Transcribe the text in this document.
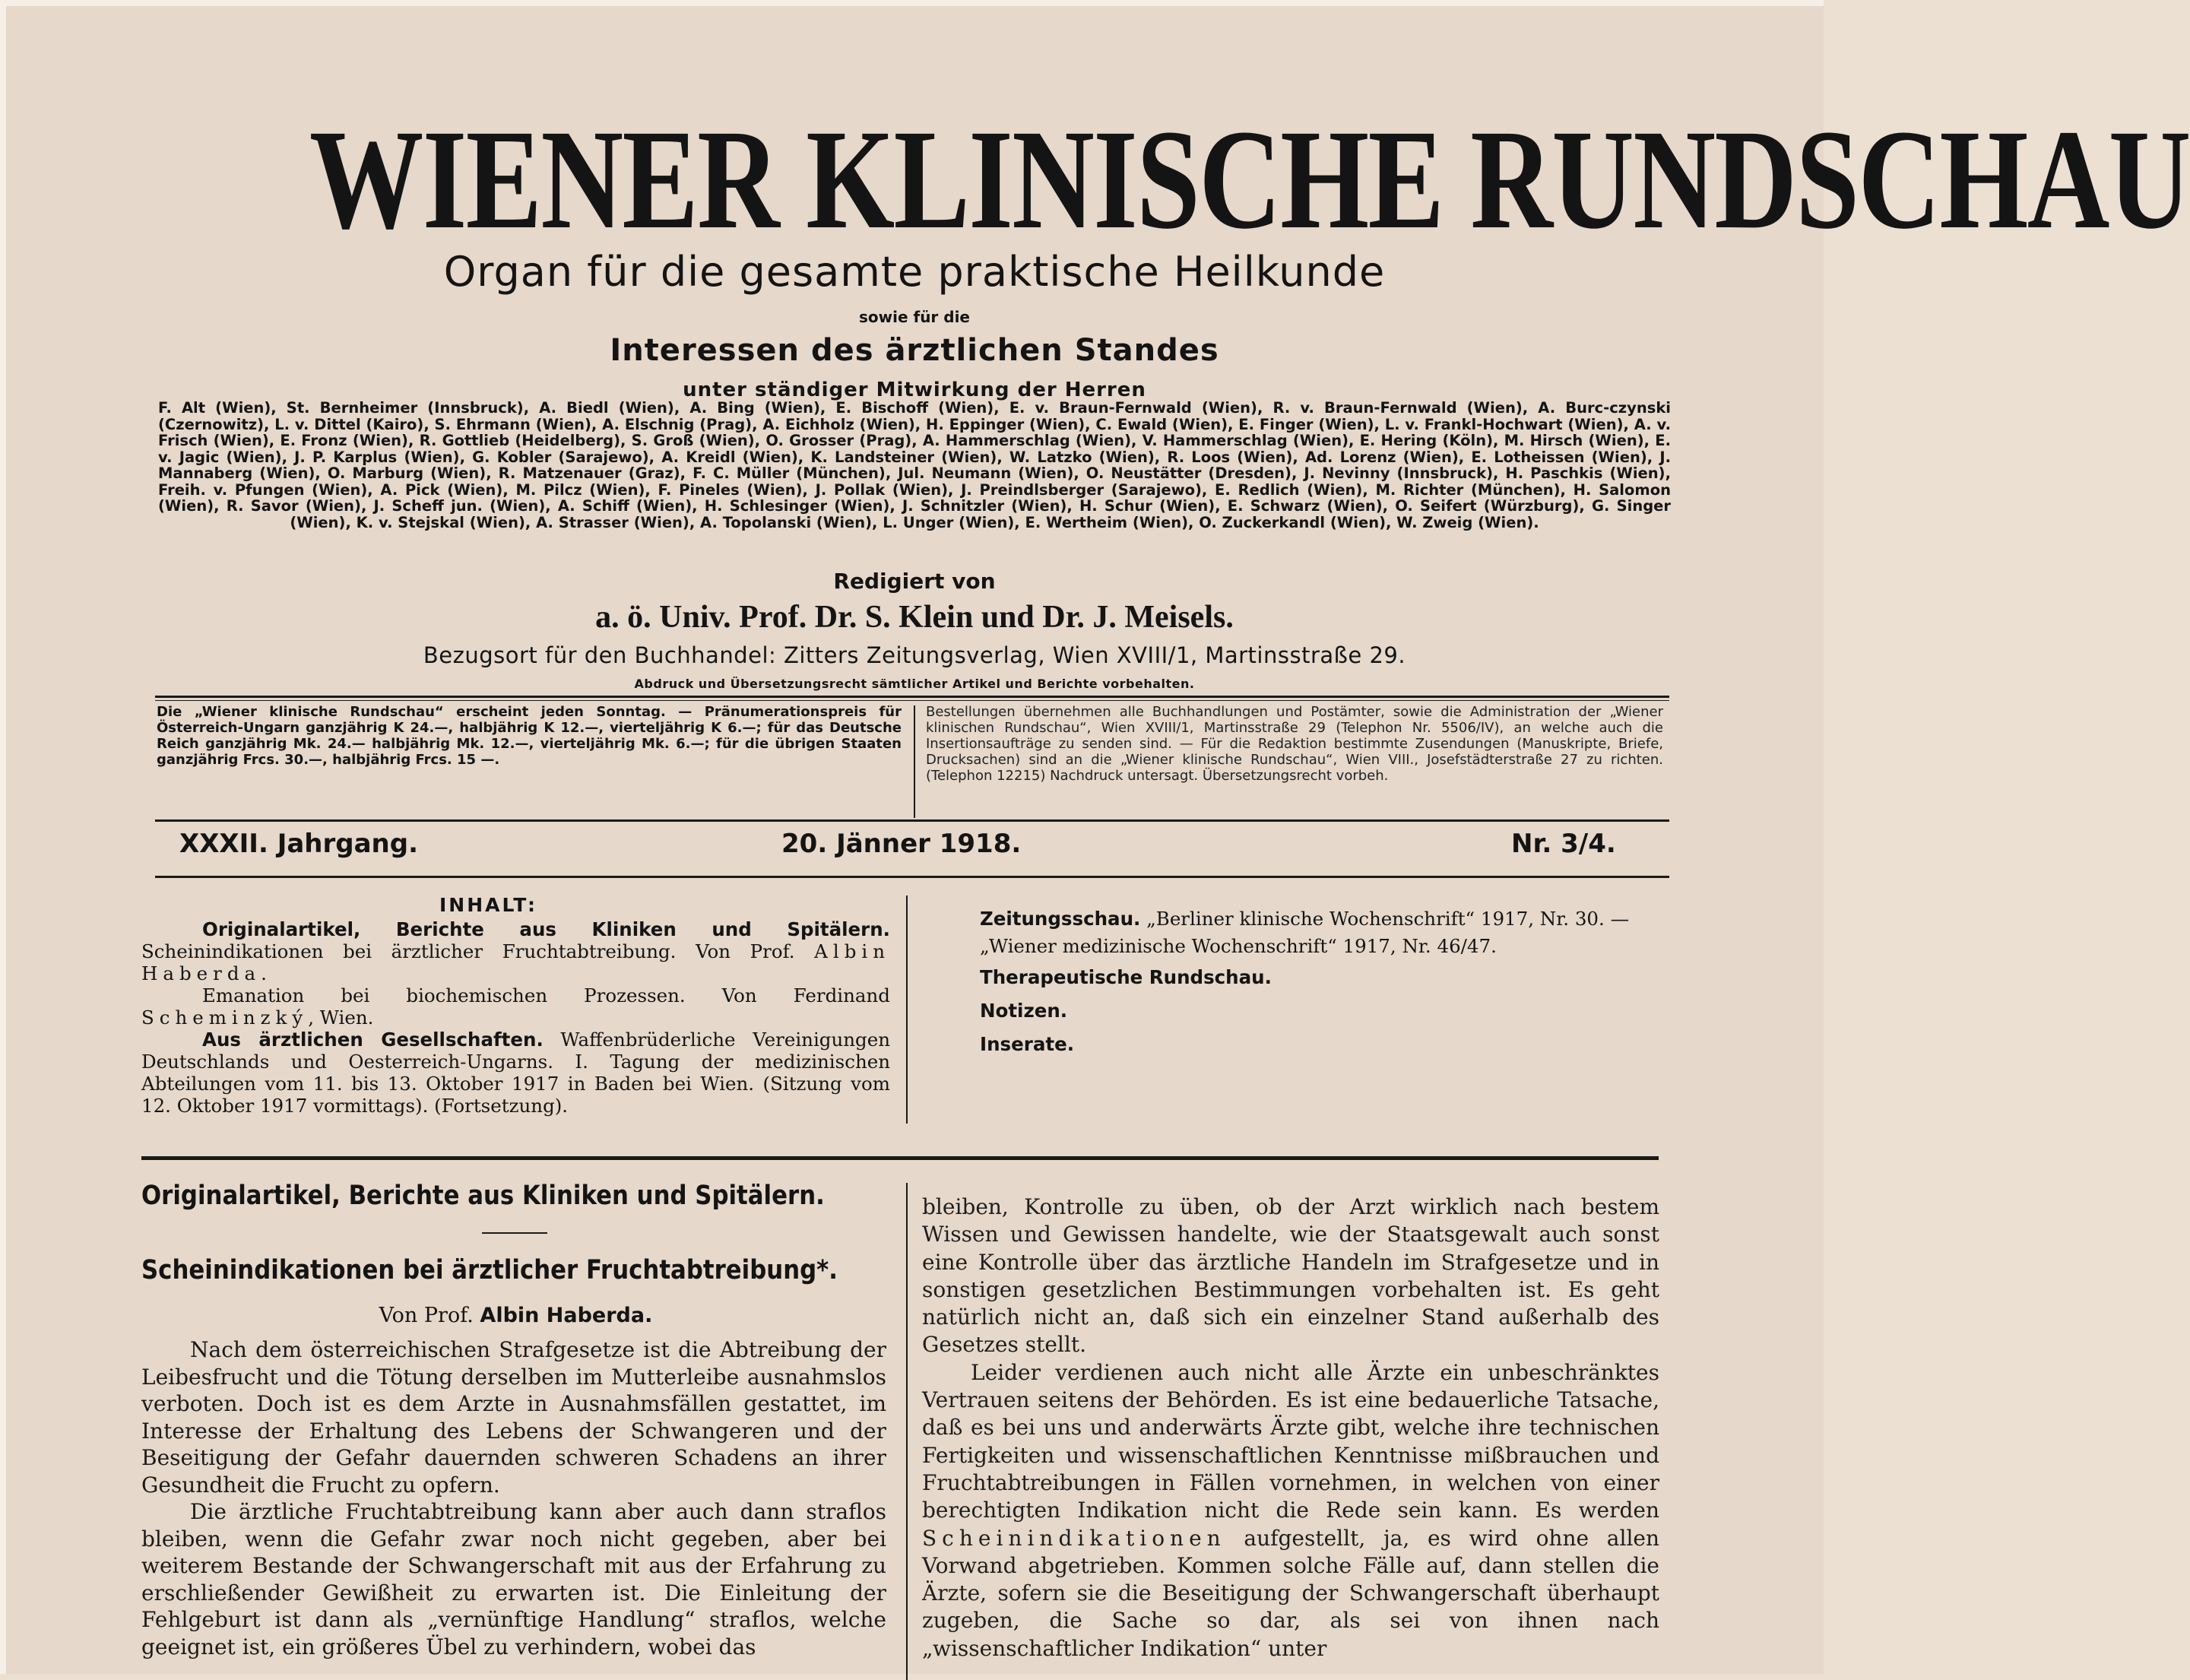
WIENER KLINISCHE RUNDSCHAU
Organ für die gesamte praktische Heilkunde
sowie für die
Interessen des ärztlichen Standes
unter ständiger Mitwirkung der Herren
F. Alt (Wien), St. Bernheimer (Innsbruck), A. Biedl (Wien), A. Bing (Wien), E. Bischoff (Wien), E. v. Braun-Fernwald (Wien), R. v. Braun-Fernwald (Wien), A. Burc-czynski (Czernowitz), L. v. Dittel (Kairo), S. Ehrmann (Wien), A. Elschnig (Prag), A. Eichholz (Wien), H. Eppinger (Wien), C. Ewald (Wien), E. Finger (Wien), L. v. Frankl-Hochwart (Wien), A. v. Frisch (Wien), E. Fronz (Wien), R. Gottlieb (Heidelberg), S. Groß (Wien), O. Grosser (Prag), A. Hammerschlag (Wien), V. Hammerschlag (Wien), E. Hering (Köln), M. Hirsch (Wien), E. v. Jagic (Wien), J. P. Karplus (Wien), G. Kobler (Sarajewo), A. Kreidl (Wien), K. Landsteiner (Wien), W. Latzko (Wien), R. Loos (Wien), Ad. Lorenz (Wien), E. Lotheissen (Wien), J. Mannaberg (Wien), O. Marburg (Wien), R. Matzenauer (Graz), F. C. Müller (München), Jul. Neumann (Wien), O. Neustätter (Dresden), J. Nevinny (Innsbruck), H. Paschkis (Wien), Freih. v. Pfungen (Wien), A. Pick (Wien), M. Pilcz (Wien), F. Pineles (Wien), J. Pollak (Wien), J. Preindlsberger (Sarajewo), E. Redlich (Wien), M. Richter (München), H. Salomon (Wien), R. Savor (Wien), J. Scheff jun. (Wien), A. Schiff (Wien), H. Schlesinger (Wien), J. Schnitzler (Wien), H. Schur (Wien), E. Schwarz (Wien), O. Seifert (Würzburg), G. Singer (Wien), K. v. Stejskal (Wien), A. Strasser (Wien), A. Topolanski (Wien), L. Unger (Wien), E. Wertheim (Wien), O. Zuckerkandl (Wien), W. Zweig (Wien).
Redigiert von
a. ö. Univ. Prof. Dr. S. Klein und Dr. J. Meisels.
Bezugsort für den Buchhandel: Zitters Zeitungsverlag, Wien XVIII/1, Martinsstraße 29.
Abdruck und Übersetzungsrecht sämtlicher Artikel und Berichte vorbehalten.
Die „Wiener klinische Rundschau“ erscheint jeden Sonntag. — Pränumerationspreis für Österreich-Ungarn ganzjährig K 24.—, halbjährig K 12.—, vierteljährig K 6.—; für das Deutsche Reich ganzjährig Mk. 24.— halbjährig Mk. 12.—, vierteljährig Mk. 6.—; für die übrigen Staaten ganzjährig Frcs. 30.—, halbjährig Frcs. 15 —.
Bestellungen übernehmen alle Buchhandlungen und Postämter, sowie die Administration der „Wiener klinischen Rundschau“, Wien XVIII/1, Martinsstraße 29 (Telephon Nr. 5506/IV), an welche auch die Insertionsaufträge zu senden sind. — Für die Redaktion bestimmte Zusendungen (Manuskripte, Briefe, Drucksachen) sind an die „Wiener klinische Rundschau“, Wien VIII., Josefstädterstraße 27 zu richten. (Telephon 12215) Nachdruck untersagt. Übersetzungsrecht vorbeh.
XXXII. Jahrgang.	20. Jänner 1918.	Nr. 3/4.
INHALT:

Originalartikel, Berichte aus Kliniken und Spitälern. Scheinindikationen bei ärztlicher Fruchtabtreibung. Von Prof. Albin Haberda.

Emanation bei biochemischen Prozessen. Von Ferdinand Scheminzký, Wien.

Aus ärztlichen Gesellschaften. Waffenbrüderliche Vereinigungen Deutschlands und Oesterreich-Ungarns. I. Tagung der medizinischen Abteilungen vom 11. bis 13. Oktober 1917 in Baden bei Wien. (Sitzung vom 12. Oktober 1917 vormittags). (Fortsetzung).

Zeitungsschau. „Berliner klinische Wochenschrift“ 1917, Nr. 30. — „Wiener medizinische Wochenschrift“ 1917, Nr. 46/47.

Therapeutische Rundschau.

Notizen.

Inserate.

Originalartikel, Berichte aus Kliniken und Spitälern.
Scheinindikationen bei ärztlicher Fruchtabtreibung*.
Von Prof. Albin Haberda.

Nach dem österreichischen Strafgesetze ist die Abtreibung der Leibesfrucht und die Tötung derselben im Mutterleibe ausnahmslos verboten. Doch ist es dem Arzte in Ausnahmsfällen gestattet, im Interesse der Erhaltung des Lebens der Schwangeren und der Beseitigung der Gefahr dauernden schweren Schadens an ihrer Gesundheit die Frucht zu opfern.

Die ärztliche Fruchtabtreibung kann aber auch dann straflos bleiben, wenn die Gefahr zwar noch nicht gegeben, aber bei weiterem Bestande der Schwangerschaft mit aus der Erfahrung zu erschließender Gewißheit zu erwarten ist. Die Einleitung der Fehlgeburt ist dann als „vernünftige Handlung“ straflos, welche geeignet ist, ein größeres Übel zu verhindern, wobei das

bleiben, Kontrolle zu üben, ob der Arzt wirklich nach bestem Wissen und Gewissen handelte, wie der Staatsgewalt auch sonst eine Kontrolle über das ärztliche Handeln im Strafgesetze und in sonstigen gesetzlichen Bestimmungen vorbehalten ist. Es geht natürlich nicht an, daß sich ein einzelner Stand außerhalb des Gesetzes stellt.

Leider verdienen auch nicht alle Ärzte ein unbeschränktes Vertrauen seitens der Behörden. Es ist eine bedauerliche Tatsache, daß es bei uns und anderwärts Ärzte gibt, welche ihre technischen Fertigkeiten und wissenschaftlichen Kenntnisse mißbrauchen und Fruchtabtreibungen in Fällen vornehmen, in welchen von einer berechtigten Indikation nicht die Rede sein kann. Es werden Scheinindikationen aufgestellt, ja, es wird ohne allen Vorwand abgetrieben. Kommen solche Fälle auf, dann stellen die Ärzte, sofern sie die Beseitigung der Schwangerschaft überhaupt zugeben, die Sache so dar, als sei von ihnen nach „wissenschaftlicher Indikation“ unter
